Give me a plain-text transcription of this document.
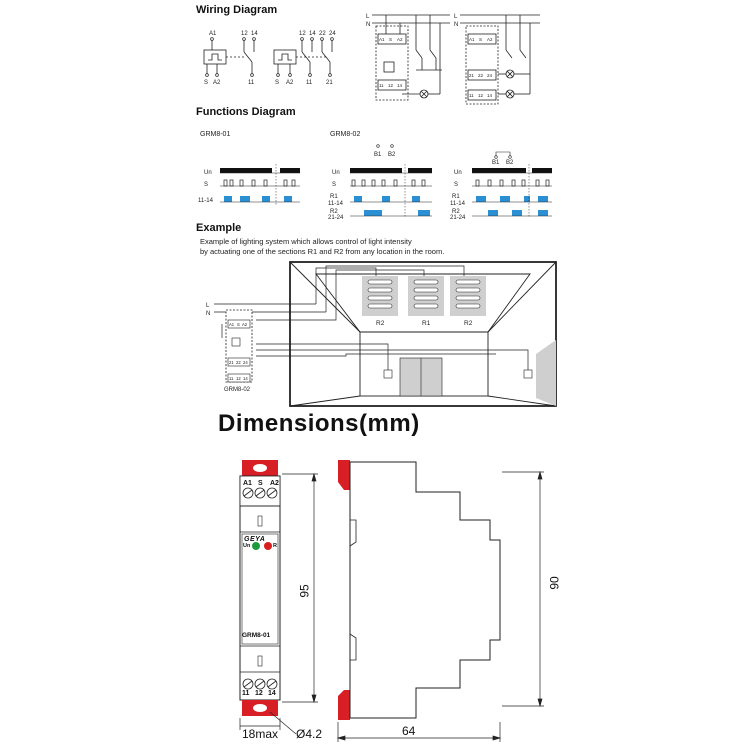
Wiring Diagram
Functions Diagram
Example
Dimensions(mm)
A1
S A2
12 14
11	S A2
12 14 22 24
11 21
L
N
A1 S A2
11 12 14
L
N
A1 S A2
21 22 24
11 12 14
GRM8-01	GRM8-02
Un
S
11-14
B1 B2
Un
S
R1
11-14
R2
21-24
B1 B2
Un
S
R1
11-14
R2
21-24
Example of lighting system which allows control of light intensity
by actuating one of the sections R1 and R2 from any location in the room.
R2	R1	R2
L
N
GRM8-02
A1 S A2
21 22 24
11 12 14
A1 S A2
GEYA
Un	R
GRM8-01
11 12 14
95
18max Ø4.2
90
64
